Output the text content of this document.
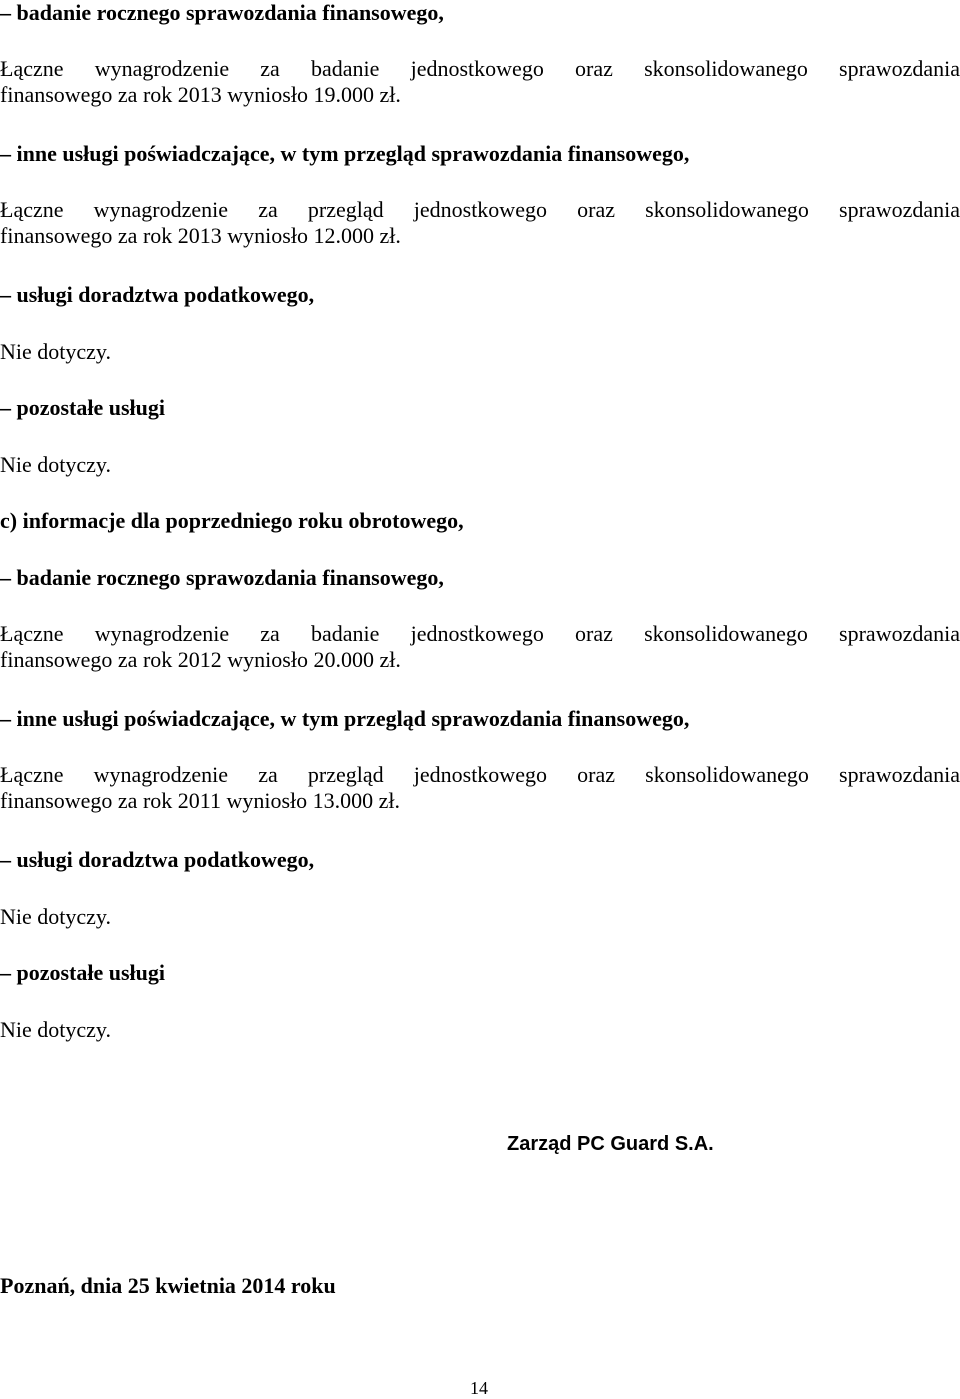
– badanie rocznego sprawozdania finansowego,
Łączne wynagrodzenie za badanie jednostkowego oraz skonsolidowanego sprawozdania
finansowego za rok 2013 wyniosło 19.000 zł.
– inne usługi poświadczające, w tym przegląd sprawozdania finansowego,
Łączne wynagrodzenie za przegląd jednostkowego oraz skonsolidowanego sprawozdania
finansowego za rok 2013 wyniosło 12.000 zł.
– usługi doradztwa podatkowego,
Nie dotyczy.
– pozostałe usługi
Nie dotyczy.
c) informacje dla poprzedniego roku obrotowego,
– badanie rocznego sprawozdania finansowego,
Łączne wynagrodzenie za badanie jednostkowego oraz skonsolidowanego sprawozdania
finansowego za rok 2012 wyniosło 20.000 zł.
– inne usługi poświadczające, w tym przegląd sprawozdania finansowego,
Łączne wynagrodzenie za przegląd jednostkowego oraz skonsolidowanego sprawozdania
finansowego za rok 2011 wyniosło 13.000 zł.
– usługi doradztwa podatkowego,
Nie dotyczy.
– pozostałe usługi
Nie dotyczy.
Zarząd PC Guard S.A.
Poznań, dnia 25 kwietnia 2014 roku
14
